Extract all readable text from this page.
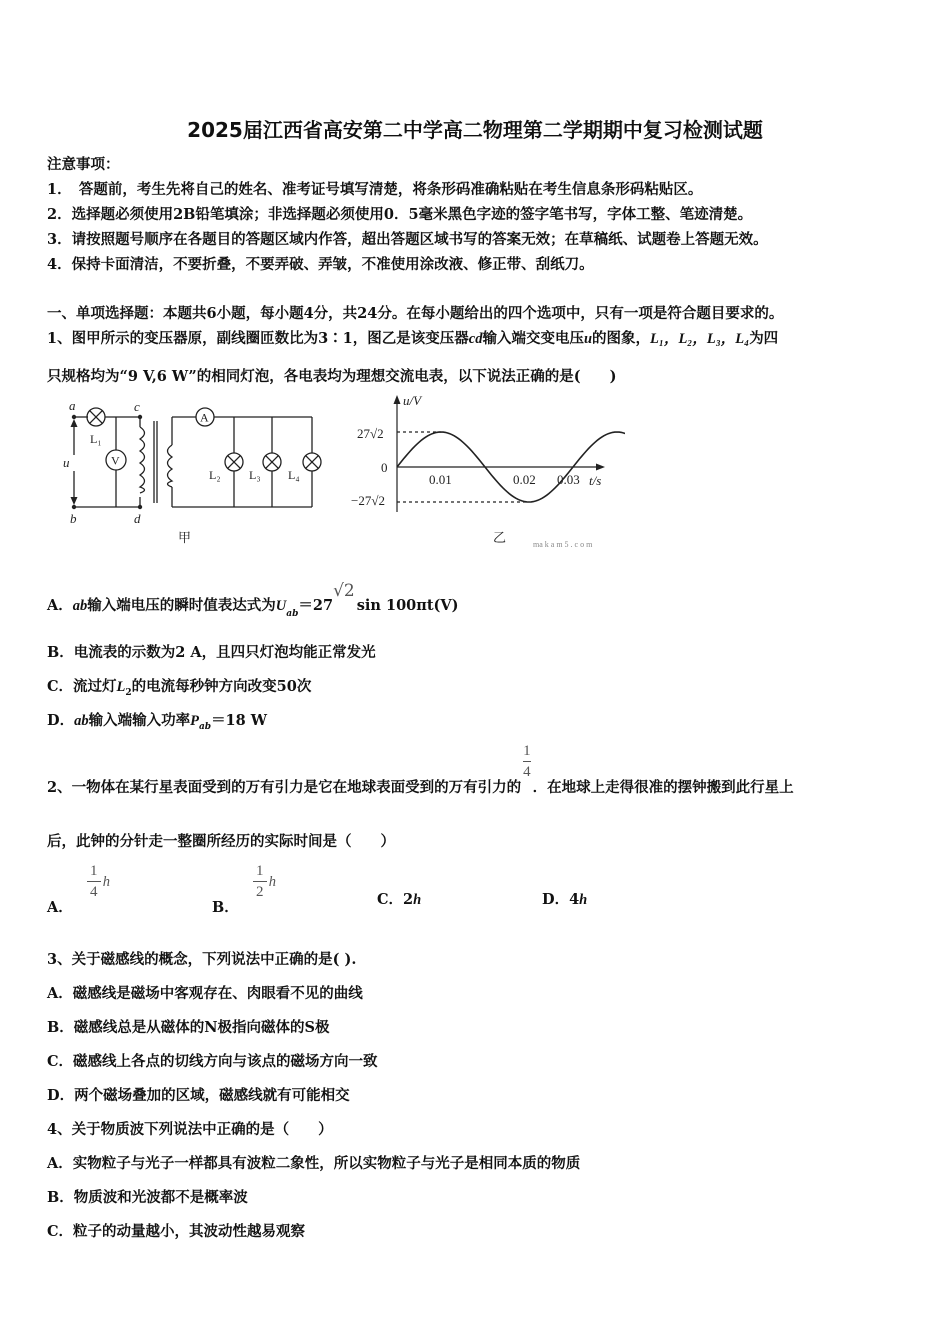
2025届江西省高安第二中学高二物理第二学期期中复习检测试题
注意事项：
1．　答题前，考生先将自己的姓名、准考证号填写清楚，将条形码准确粘贴在考生信息条形码粘贴区。
2．选择题必须使用2B铅笔填涂；非选择题必须使用0．5毫米黑色字迹的签字笔书写，字体工整、笔迹清楚。
3．请按照题号顺序在各题目的答题区域内作答，超出答题区域书写的答案无效；在草稿纸、试题卷上答题无效。
4．保持卡面清洁，不要折叠，不要弄破、弄皱，不准使用涂改液、修正带、刮纸刀。
一、单项选择题：本题共6小题，每小题4分，共24分。在每小题给出的四个选项中，只有一项是符合题目要求的。
1、图甲所示的变压器原，副线圈匝数比为3∶1，图乙是该变压器cd输入端交变电压u的图象，L₁，L₂，L₃，L₄为四
只规格均为“9 V,6 W”的相同灯泡，各电表均为理想交流电表，以下说法正确的是(　　)
a
b
c
d
u
L₁
V
A
L₂ L₃ L₄
甲
u/V
t/s
27√2
0
−27√2
0.01	0.02 0.03
乙	ma k a m 5 . c o m
A．ab输入端电压的瞬时值表达式为$U_{ab}=27√2\sin$ 100πt(V)
B．电流表的示数为2 A，且四只灯泡均能正常发光
C．流过灯$L_2$的电流每秒钟方向改变50次
D．ab输入端输入功率$P_{ab}=18$ W
2、一物体在某行星表面受到的万有引力是它在地球表面受到的万有引力的
$\frac{1}{4}$
．在地球上走得很准的摆钟搬到此行星上
后，此钟的分针走一整圈所经历的实际时间是（　　）
A．
$\frac{1}{4}$ h
B．
$\frac{1}{2}$ h
C．2h	D．4h
3、关于磁感线的概念，下列说法中正确的是( ).
A．磁感线是磁场中客观存在、肉眼看不见的曲线
B．磁感线总是从磁体的N极指向磁体的S极
C．磁感线上各点的切线方向与该点的磁场方向一致
D．两个磁场叠加的区域，磁感线就有可能相交
4、关于物质波下列说法中正确的是（　　）
A．实物粒子与光子一样都具有波粒二象性，所以实物粒子与光子是相同本质的物质
B．物质波和光波都不是概率波
C．粒子的动量越小，其波动性越易观察
